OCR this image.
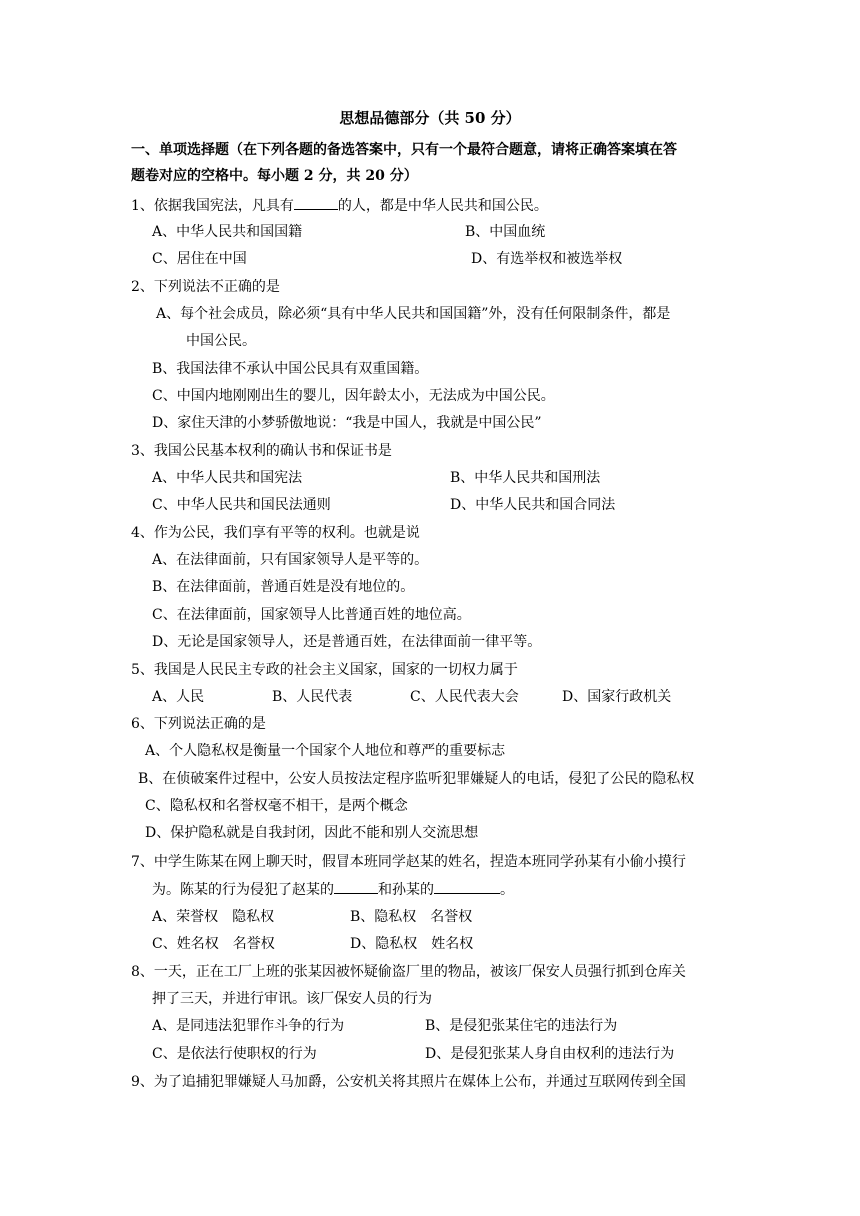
思想品德部分（共 50 分）
一、单项选择题（在下列各题的备选答案中，只有一个最符合题意，请将正确答案填在答
题卷对应的空格中。每小题 2 分，共 20 分）
1、依据我国宪法，凡具有	的人，都是中华人民共和国公民。
A、中华人民共和国国籍	B、中国血统
C、居住在中国	D、有选举权和被选举权
2、下列说法不正确的是
A、每个社会成员，除必须“具有中华人民共和国国籍”外，没有任何限制条件，都是
中国公民。
B、我国法律不承认中国公民具有双重国籍。
C、中国内地刚刚出生的婴儿，因年龄太小，无法成为中国公民。
D、家住天津的小梦骄傲地说：“我是中国人，我就是中国公民”
3、我国公民基本权利的确认书和保证书是
A、中华人民共和国宪法	B、中华人民共和国刑法
C、中华人民共和国民法通则	D、中华人民共和国合同法
4、作为公民，我们享有平等的权利。也就是说
A、在法律面前，只有国家领导人是平等的。
B、在法律面前，普通百姓是没有地位的。
C、在法律面前，国家领导人比普通百姓的地位高。
D、无论是国家领导人，还是普通百姓，在法律面前一律平等。
5、我国是人民民主专政的社会主义国家，国家的一切权力属于
A、人民	B、人民代表	C、人民代表大会	D、国家行政机关
6、下列说法正确的是
A、个人隐私权是衡量一个国家个人地位和尊严的重要标志
B、在侦破案件过程中，公安人员按法定程序监听犯罪嫌疑人的电话，侵犯了公民的隐私权
C、隐私权和名誉权毫不相干，是两个概念
D、保护隐私就是自我封闭，因此不能和别人交流思想
7、中学生陈某在网上聊天时，假冒本班同学赵某的姓名，捏造本班同学孙某有小偷小摸行
为。陈某的行为侵犯了赵某的	和孙某的	。
A、荣誉权　隐私权	B、隐私权　名誉权
C、姓名权　名誉权	D、隐私权　姓名权
8、一天，正在工厂上班的张某因被怀疑偷盗厂里的物品，被该厂保安人员强行抓到仓库关
押了三天，并进行审讯。该厂保安人员的行为
A、是同违法犯罪作斗争的行为	B、是侵犯张某住宅的违法行为
C、是依法行使职权的行为	D、是侵犯张某人身自由权利的违法行为
9、为了追捕犯罪嫌疑人马加爵，公安机关将其照片在媒体上公布，并通过互联网传到全国
